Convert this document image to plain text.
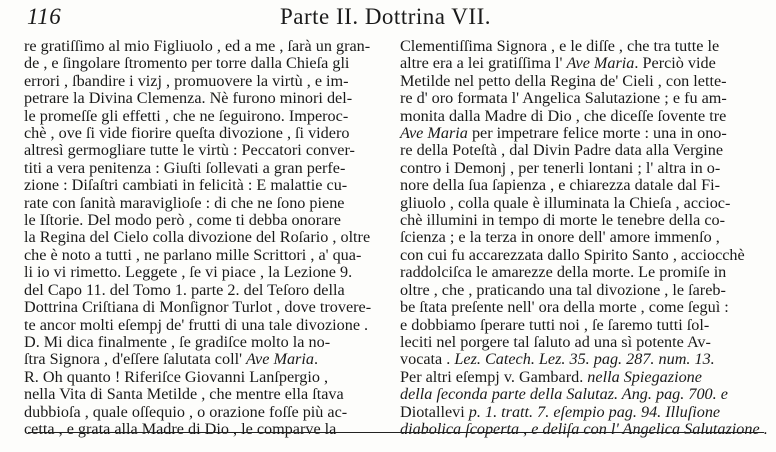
116	Parte II. Dottrina VII.
re gratiſſimo al mio Figliuolo , ed a me , ſarà un gran-
de , e ſingolare ſtromento per torre dalla Chieſa gli
errori , ſbandire i vizj , promuovere la virtù , e im-
petrare la Divina Clemenza. Nè furono minori del-
le promeſſe gli effetti , che ne ſeguirono. Imperoc-
chè , ove ſi vide fiorire queſta divozione , ſi videro
altresì germogliare tutte le virtù : Peccatori conver-
titi a vera penitenza : Giuſti ſollevati a gran perfe-
zione : Diſaſtri cambiati in felicità : E malattie cu-
rate con ſanità maraviglioſe : di che ne ſono piene
le Iſtorie. Del modo però , come ti debba onorare
la Regina del Cielo colla divozione del Roſario , oltre
che è noto a tutti , ne parlano mille Scrittori , a' qua-
li io vi rimetto. Leggete , ſe vi piace , la Lezione 9.
del Capo 11. del Tomo 1. parte 2. del Teſoro della
Dottrina Criſtiana di Monſignor Turlot , dove trovere-
te ancor molti eſempj de' frutti di una tale divozione .
D. Mi dica finalmente , ſe gradiſce molto la no-
ſtra Signora , d'eſſere ſalutata coll' Ave Maria.
R. Oh quanto ! Riferiſce Giovanni Lanſpergio ,
nella Vita di Santa Metilde , che mentre ella ſtava
dubbioſa , quale oſſequio , o orazione foſſe più ac-
cetta , e grata alla Madre di Dio , le comparve la
Clementiſſima Signora , e le diſſe , che tra tutte le
altre era a lei gratiſſima l' Ave Maria. Perciò vide
Metilde nel petto della Regina de' Cieli , con lette-
re d' oro formata l' Angelica Salutazione ; e fu am-
monita dalla Madre di Dio , che diceſſe ſovente tre
Ave Maria per impetrare felice morte : una in ono-
re della Poteſtà , dal Divin Padre data alla Vergine
contro i Demonj , per tenerli lontani ; l' altra in o-
nore della ſua ſapienza , e chiarezza datale dal Fi-
gliuolo , colla quale è illuminata la Chieſa , accioc-
chè illumini in tempo di morte le tenebre della co-
ſcienza ; e la terza in onore dell' amore immenſo ,
con cui fu accarezzata dallo Spirito Santo , acciocchè
raddolciſca le amarezze della morte. Le promiſe in
oltre , che , praticando una tal divozione , le ſareb-
be ſtata preſente nell' ora della morte , come ſeguì :
e dobbiamo ſperare tutti noi , ſe ſaremo tutti ſol-
leciti nel porgere tal ſaluto ad una sì potente Av-
vocata . Lez. Catech. Lez. 35. pag. 287. num. 13.
Per altri eſempj v. Gambard. nella Spiegazione
della ſeconda parte della Salutaz. Ang. pag. 700. e
Diotallevi p. 1. tratt. 7. eſempio pag. 94. Illuſione
diabolica ſcoperta , e deliſa con l' Angelica Salutazione .
